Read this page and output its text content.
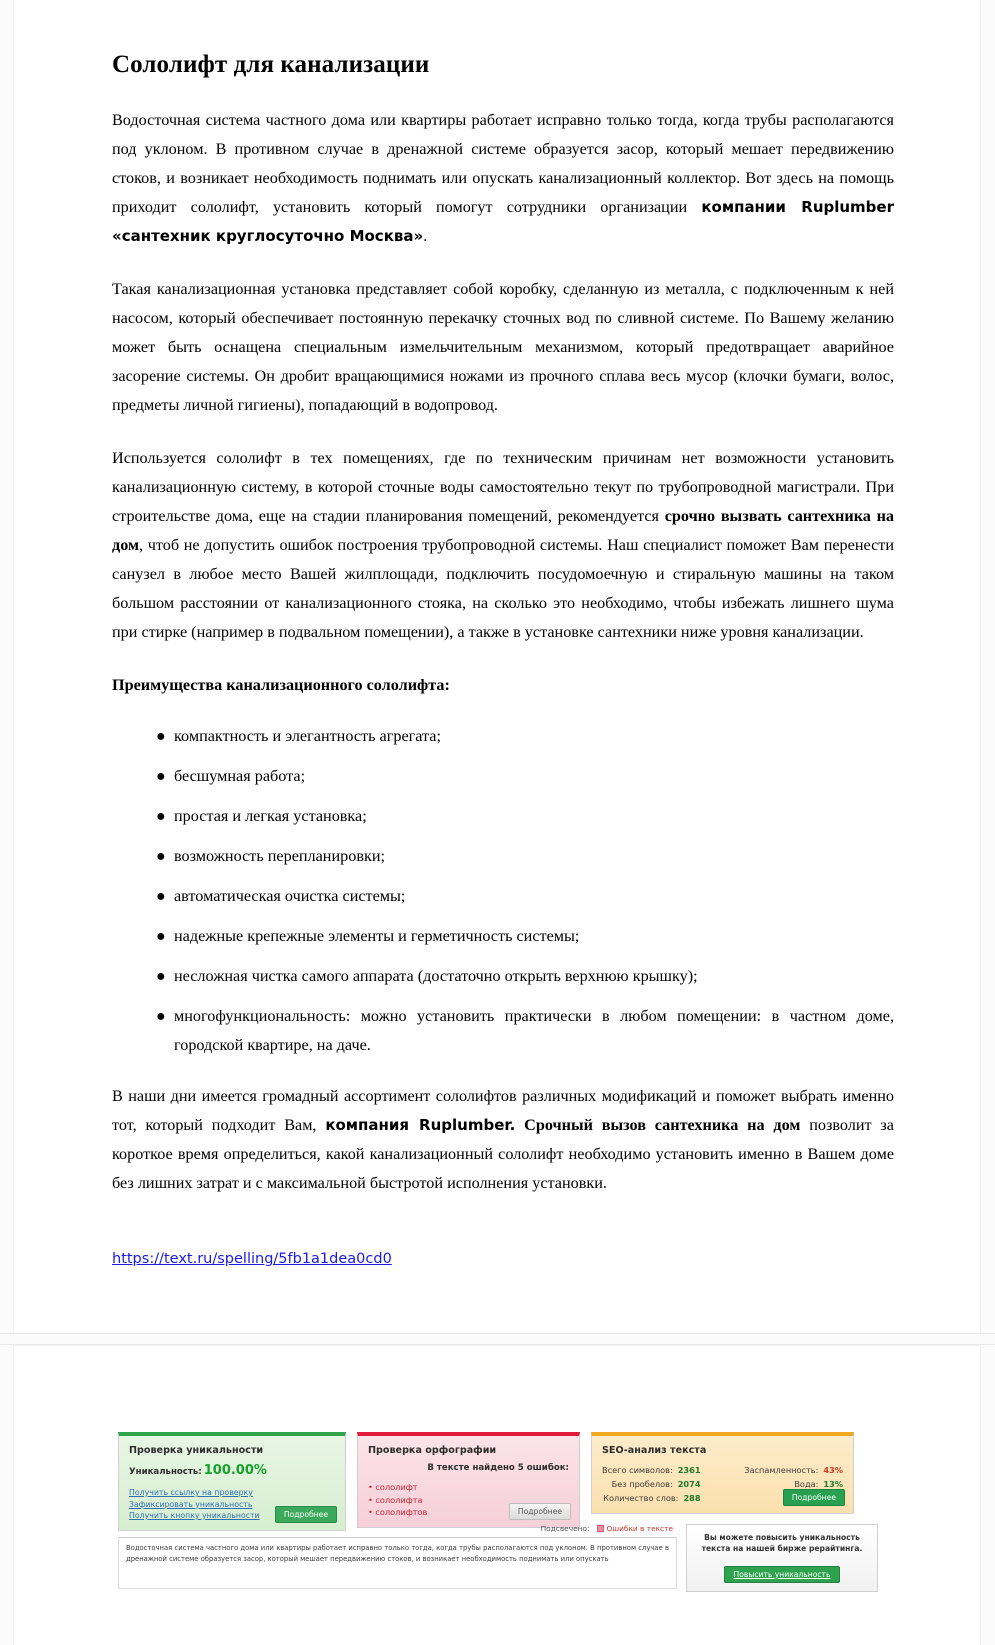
Сололифт для канализации

Водосточная система частного дома или квартиры работает исправно только тогда, когда трубы располагаются под уклоном. В противном случае в дренажной системе образуется засор, который мешает передвижению стоков, и возникает необходимость поднимать или опускать канализационный коллектор. Вот здесь на помощь приходит сололифт, установить который помогут сотрудники организации компании Ruplumber «сантехник круглосуточно Москва».

Такая канализационная установка представляет собой коробку, сделанную из металла, с подключенным к ней насосом, который обеспечивает постоянную перекачку сточных вод по сливной системе. По Вашему желанию может быть оснащена специальным измельчительным механизмом, который предотвращает аварийное засорение системы. Он дробит вращающимися ножами из прочного сплава весь мусор (клочки бумаги, волос, предметы личной гигиены), попадающий в водопровод.

Используется сололифт в тех помещениях, где по техническим причинам нет возможности установить канализационную систему, в которой сточные воды самостоятельно текут по трубопроводной магистрали. При строительстве дома, еще на стадии планирования помещений, рекомендуется срочно вызвать сантехника на дом, чтоб не допустить ошибок построения трубопроводной системы. Наш специалист поможет Вам перенести санузел в любое место Вашей жилплощади, подключить посудомоечную и стиральную машины на таком большом расстоянии от канализационного стояка, на сколько это необходимо, чтобы избежать лишнего шума при стирке (например в подвальном помещении), а также в установке сантехники ниже уровня канализации.

Преимущества канализационного сололифта:

● компактность и элегантность агрегата;
● бесшумная работа;
● простая и легкая установка;
● возможность перепланировки;
● автоматическая очистка системы;
● надежные крепежные элементы и герметичность системы;
● несложная чистка самого аппарата (достаточно открыть верхнюю крышку);
● многофункциональность: можно установить практически в любом помещении: в частном доме, городской квартире, на даче.

В наши дни имеется громадный ассортимент сололифтов различных модификаций и поможет выбрать именно тот, который подходит Вам, компания Ruplumber. Срочный вызов сантехника на дом позволит за короткое время определиться, какой канализационный сололифт необходимо установить именно в Вашем доме без лишних затрат и с максимальной быстротой исполнения установки.

https://text.ru/spelling/5fb1a1dea0cd0
Проверка уникальности
Уникальность: 100.00%
Получить ссылку на проверку
Зафиксировать уникальность
Получить кнопку уникальности	Подробнее
Проверка орфографии
В тексте найдено 5 ошибок:
• сололифт
• сололифта
• сололифтов	Подробнее
SEO-анализ текста
Всего символов: 2361
Без пробелов: 2074
Количество слов: 288
Заспамленность: 43%
Вода: 13%
Подробнее
Подсвечено:	Ошибки в тексте
Водосточная система частного дома или квартиры работает исправно только тогда, когда трубы располагаются под уклоном. В противном случае в дренажной системе образуется засор, который мешает передвижению стоков, и возникает необходимость поднимать или опускать
Вы можете повысить уникальность текста на нашей бирже рерайтинга.
Повысить уникальность
